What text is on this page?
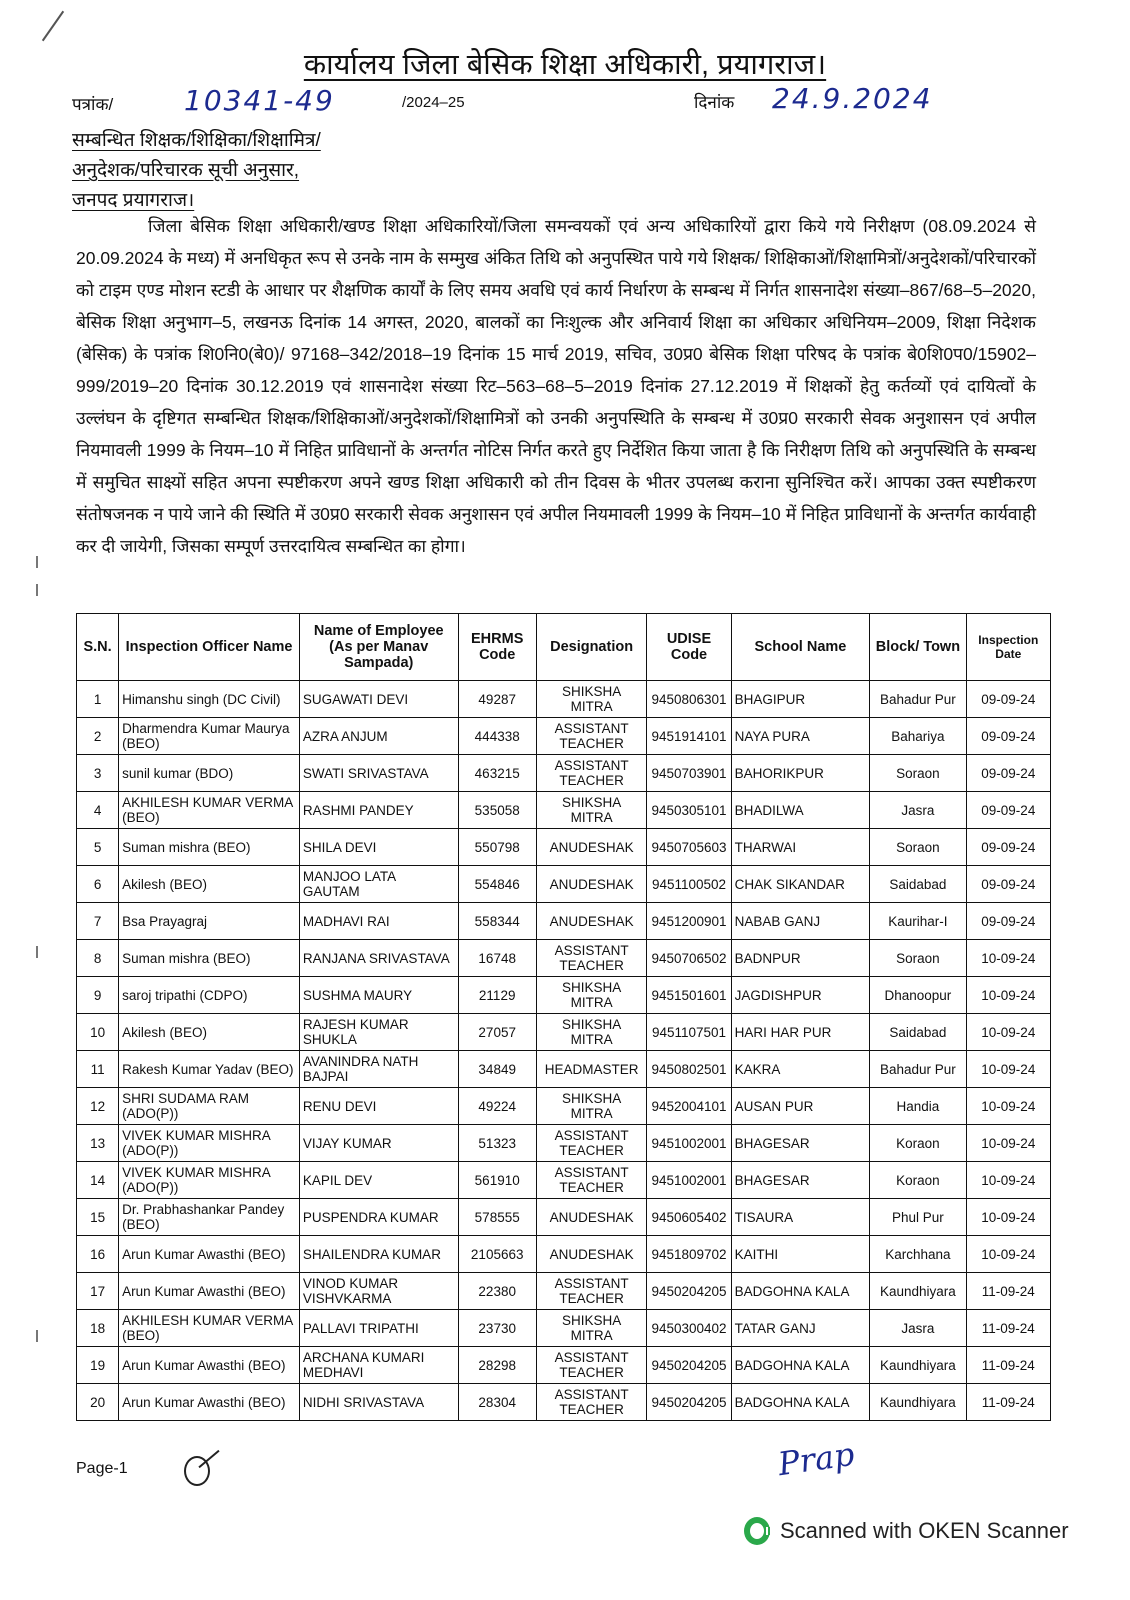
कार्यालय जिला बेसिक शिक्षा अधिकारी, प्रयागराज।
पत्रांक/	10341-49	/2024–25	दिनांक 24.9.2024
सम्बन्धित शिक्षक/शिक्षिका/शिक्षामित्र/
अनुदेशक/परिचारक सूची अनुसार,
जनपद प्रयागराज।
जिला बेसिक शिक्षा अधिकारी/खण्ड शिक्षा अधिकारियों/जिला समन्वयकों एवं अन्य अधिकारियों द्वारा किये गये निरीक्षण (08.09.2024 से 20.09.2024 के मध्य) में अनधिकृत रूप से उनके नाम के सम्मुख अंकित तिथि को अनुपस्थित पाये गये शिक्षक/ शिक्षिकाओं/शिक्षामित्रों/अनुदेशकों/परिचारकों को टाइम एण्ड मोशन स्टडी के आधार पर शैक्षणिक कार्यों के लिए समय अवधि एवं कार्य निर्धारण के सम्बन्ध में निर्गत शासनादेश संख्या–867/68–5–2020, बेसिक शिक्षा अनुभाग–5, लखनऊ दिनांक 14 अगस्त, 2020, बालकों का निःशुल्क और अनिवार्य शिक्षा का अधिकार अधिनियम–2009, शिक्षा निदेशक (बेसिक) के पत्रांक शि0नि0(बे0)/ 97168–342/2018–19 दिनांक 15 मार्च 2019, सचिव, उ0प्र0 बेसिक शिक्षा परिषद के पत्रांक बे0शि0प0/15902–999/2019–20 दिनांक 30.12.2019 एवं शासनादेश संख्या रिट–563–68–5–2019 दिनांक 27.12.2019 में शिक्षकों हेतु कर्तव्यों एवं दायित्वों के उल्लंघन के दृष्टिगत सम्बन्धित शिक्षक/शिक्षिकाओं/अनुदेशकों/शिक्षामित्रों को उनकी अनुपस्थिति के सम्बन्ध में उ0प्र0 सरकारी सेवक अनुशासन एवं अपील नियमावली 1999 के नियम–10 में निहित प्राविधानों के अन्तर्गत नोटिस निर्गत करते हुए निर्देशित किया जाता है कि निरीक्षण तिथि को अनुपस्थिति के सम्बन्ध में समुचित साक्ष्यों सहित अपना स्पष्टीकरण अपने खण्ड शिक्षा अधिकारी को तीन दिवस के भीतर उपलब्ध कराना सुनिश्चित करें। आपका उक्त स्पष्टीकरण संतोषजनक न पाये जाने की स्थिति में उ0प्र0 सरकारी सेवक अनुशासन एवं अपील नियमावली 1999 के नियम–10 में निहित प्राविधानों के अन्तर्गत कार्यवाही कर दी जायेगी, जिसका सम्पूर्ण उत्तरदायित्व सम्बन्धित का होगा।
S.N.	Inspection Officer Name	Name of Employee (As per Manav Sampada)	EHRMS Code	Designation	UDISE Code	School Name	Block/ Town	Inspection Date
1	Himanshu singh (DC Civil)	SUGAWATI DEVI	49287	SHIKSHA MITRA	9450806301	BHAGIPUR	Bahadur Pur	09-09-24
2	Dharmendra Kumar Maurya (BEO)	AZRA ANJUM	444338	ASSISTANT TEACHER	9451914101	NAYA PURA	Bahariya	09-09-24
3	sunil kumar (BDO)	SWATI SRIVASTAVA	463215	ASSISTANT TEACHER	9450703901	BAHORIKPUR	Soraon	09-09-24
4	AKHILESH KUMAR VERMA (BEO)	RASHMI PANDEY	535058	SHIKSHA MITRA	9450305101	BHADILWA	Jasra	09-09-24
5	Suman mishra (BEO)	SHILA DEVI	550798	ANUDESHAK	9450705603	THARWAI	Soraon	09-09-24
6	Akilesh (BEO)	MANJOO LATA GAUTAM	554846	ANUDESHAK	9451100502	CHAK SIKANDAR	Saidabad	09-09-24
7	Bsa Prayagraj	MADHAVI RAI	558344	ANUDESHAK	9451200901	NABAB GANJ	Kaurihar-I	09-09-24
8	Suman mishra (BEO)	RANJANA SRIVASTAVA	16748	ASSISTANT TEACHER	9450706502	BADNPUR	Soraon	10-09-24
9	saroj tripathi (CDPO)	SUSHMA MAURY	21129	SHIKSHA MITRA	9451501601	JAGDISHPUR	Dhanoopur	10-09-24
10	Akilesh (BEO)	RAJESH KUMAR SHUKLA	27057	SHIKSHA MITRA	9451107501	HARI HAR PUR	Saidabad	10-09-24
11	Rakesh Kumar Yadav (BEO)	AVANINDRA NATH BAJPAI	34849	HEADMASTER	9450802501	KAKRA	Bahadur Pur	10-09-24
12	SHRI SUDAMA RAM (ADO(P))	RENU DEVI	49224	SHIKSHA MITRA	9452004101	AUSAN PUR	Handia	10-09-24
13	VIVEK KUMAR MISHRA (ADO(P))	VIJAY KUMAR	51323	ASSISTANT TEACHER	9451002001	BHAGESAR	Koraon	10-09-24
14	VIVEK KUMAR MISHRA (ADO(P))	KAPIL DEV	561910	ASSISTANT TEACHER	9451002001	BHAGESAR	Koraon	10-09-24
15	Dr. Prabhashankar Pandey (BEO)	PUSPENDRA KUMAR	578555	ANUDESHAK	9450605402	TISAURA	Phul Pur	10-09-24
16	Arun Kumar Awasthi (BEO)	SHAILENDRA KUMAR	2105663	ANUDESHAK	9451809702	KAITHI	Karchhana	10-09-24
17	Arun Kumar Awasthi (BEO)	VINOD KUMAR VISHVKARMA	22380	ASSISTANT TEACHER	9450204205	BADGOHNA KALA	Kaundhiyara	11-09-24
18	AKHILESH KUMAR VERMA (BEO)	PALLAVI TRIPATHI	23730	SHIKSHA MITRA	9450300402	TATAR GANJ	Jasra	11-09-24
19	Arun Kumar Awasthi (BEO)	ARCHANA KUMARI MEDHAVI	28298	ASSISTANT TEACHER	9450204205	BADGOHNA KALA	Kaundhiyara	11-09-24
20	Arun Kumar Awasthi (BEO)	NIDHI SRIVASTAVA	28304	ASSISTANT TEACHER	9450204205	BADGOHNA KALA	Kaundhiyara	11-09-24
Page-1	Prap
Scanned with OKEN Scanner
